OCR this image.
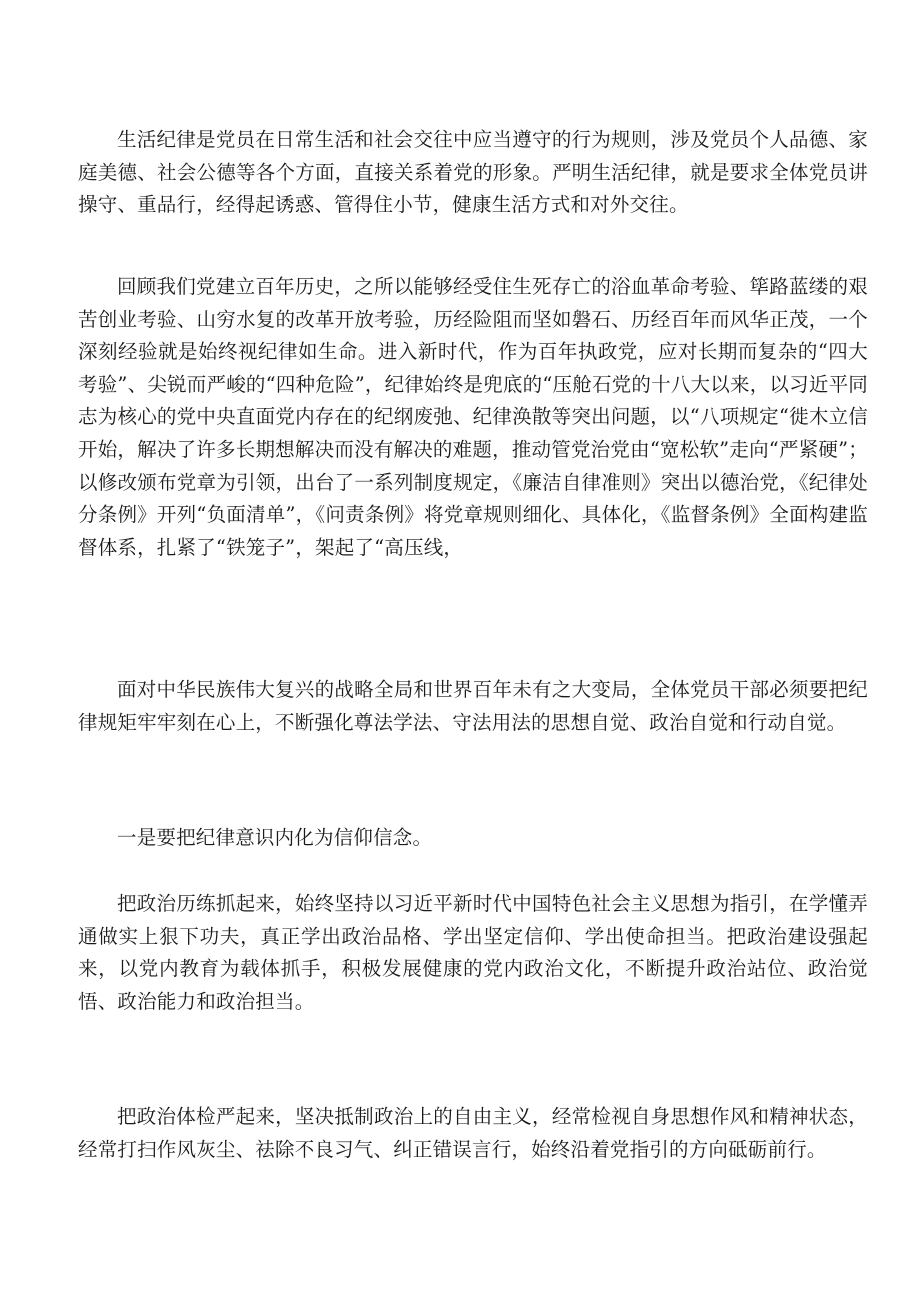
生活纪律是党员在日常生活和社会交往中应当遵守的行为规则，涉及党员个人品德、家庭美德、社会公德等各个方面，直接关系着党的形象。严明生活纪律，就是要求全体党员讲操守、重品行，经得起诱惑、管得住小节，健康生活方式和对外交往。

回顾我们党建立百年历史，之所以能够经受住生死存亡的浴血革命考验、筚路蓝缕的艰苦创业考验、山穷水复的改革开放考验，历经险阻而坚如磐石、历经百年而风华正茂，一个深刻经验就是始终视纪律如生命。进入新时代，作为百年执政党，应对长期而复杂的“四大考验”、尖锐而严峻的“四种危险”，纪律始终是兜底的“压舱石党的十八大以来，以习近平同志为核心的党中央直面党内存在的纪纲废弛、纪律涣散等突出问题，以“八项规定“徙木立信开始，解决了许多长期想解决而没有解决的难题，推动管党治党由“宽松软”走向“严紧硬”；以修改颁布党章为引领，出台了一系列制度规定，《廉洁自律准则》突出以德治党，《纪律处分条例》开列“负面清单”，《问责条例》将党章规则细化、具体化，《监督条例》全面构建监督体系，扎紧了“铁笼子”，架起了“高压线，

面对中华民族伟大复兴的战略全局和世界百年未有之大变局，全体党员干部必须要把纪律规矩牢牢刻在心上，不断强化尊法学法、守法用法的思想自觉、政治自觉和行动自觉。

一是要把纪律意识内化为信仰信念。

把政治历练抓起来，始终坚持以习近平新时代中国特色社会主义思想为指引，在学懂弄通做实上狠下功夫，真正学出政治品格、学出坚定信仰、学出使命担当。把政治建设强起来，以党内教育为载体抓手，积极发展健康的党内政治文化，不断提升政治站位、政治觉悟、政治能力和政治担当。

把政治体检严起来，坚决抵制政治上的自由主义，经常检视自身思想作风和精神状态，经常打扫作风灰尘、祛除不良习气、纠正错误言行，始终沿着党指引的方向砥砺前行。
